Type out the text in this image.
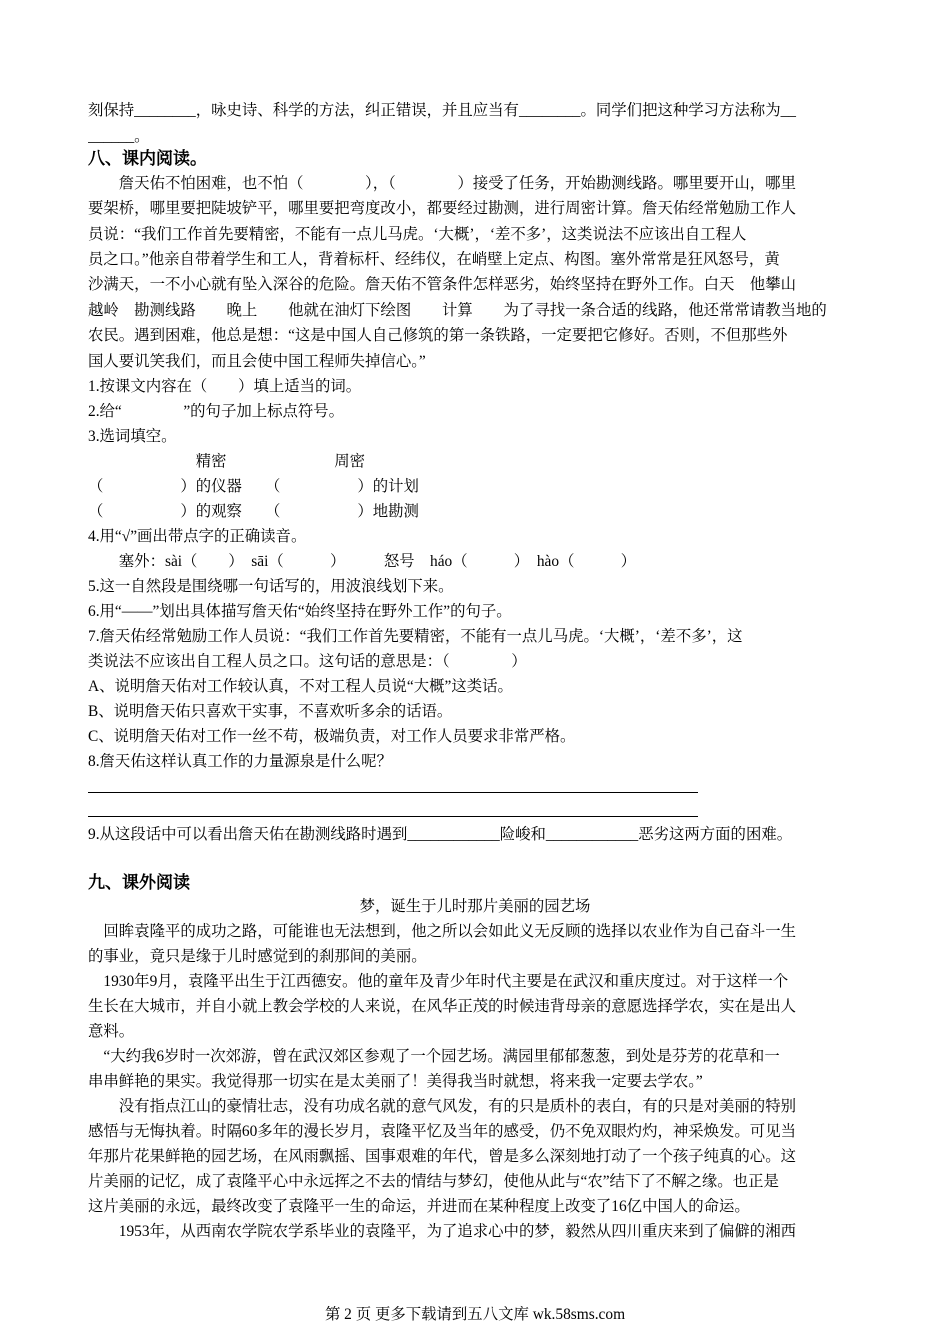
刻保持________，咏史诗、科学的方法，纠正错误，并且应当有________。同学们把这种学习方法称为__
______。
八、课内阅读。
　　詹天佑不怕困难，也不怕（　　　　），（　　　　）接受了任务，开始勘测线路。哪里要开山，哪里
要架桥，哪里要把陡坡铲平，哪里要把弯度改小，都要经过勘测，进行周密计算。詹天佑经常勉励工作人
员说：“我们工作首先要精密，不能有一点儿马虎。‘大概’，‘差不多’，这类说法不应该出自工程人
员之口。”他亲自带着学生和工人，背着标杆、经纬仪，在峭壁上定点、构图。塞外常常是狂风怒号，黄
沙满天，一不小心就有坠入深谷的危险。詹天佑不管条件怎样恶劣，始终坚持在野外工作。白天　他攀山
越岭　勘测线路　　晚上　　他就在油灯下绘图　　计算　　为了寻找一条合适的线路，他还常常请教当地的
农民。遇到困难，他总是想：“这是中国人自己修筑的第一条铁路，一定要把它修好。否则，不但那些外
国人要讥笑我们，而且会使中国工程师失掉信心。”
1.按课文内容在（　　）填上适当的词。
2.给“　　　　”的句子加上标点符号。
3.选词填空。
　　　　　　　精密　　　　　　　周密
（　　　　　）的仪器　　（　　　　　）的计划
（　　　　　）的观察　　（　　　　　）地勘测
4.用“√”画出带点字的正确读音。
　　塞外：sài（　　）　sāi（　　　）　　　怒号　háo（　　　）　hào（　　　）
5.这一自然段是围绕哪一句话写的，用波浪线划下来。
6.用“——”划出具体描写詹天佑“始终坚持在野外工作”的句子。
7.詹天佑经常勉励工作人员说：“我们工作首先要精密，不能有一点儿马虎。‘大概’，‘差不多’，这
类说法不应该出自工程人员之口。这句话的意思是：（　　　　）
A、说明詹天佑对工作较认真，不对工程人员说“大概”这类话。
B、说明詹天佑只喜欢干实事，不喜欢听多余的话语。
C、说明詹天佑对工作一丝不苟，极端负责，对工作人员要求非常严格。
8.詹天佑这样认真工作的力量源泉是什么呢？
9.从这段话中可以看出詹天佑在勘测线路时遇到____________险峻和____________恶劣这两方面的困难。
九、课外阅读
梦，诞生于儿时那片美丽的园艺场
　回眸袁隆平的成功之路，可能谁也无法想到，他之所以会如此义无反顾的选择以农业作为自己奋斗一生
的事业，竟只是缘于儿时感觉到的刹那间的美丽。
　1930年9月，袁隆平出生于江西德安。他的童年及青少年时代主要是在武汉和重庆度过。对于这样一个
生长在大城市，并自小就上教会学校的人来说，在风华正茂的时候违背母亲的意愿选择学农，实在是出人
意料。
　“大约我6岁时一次郊游，曾在武汉郊区参观了一个园艺场。满园里郁郁葱葱，到处是芬芳的花草和一
串串鲜艳的果实。我觉得那一切实在是太美丽了！美得我当时就想，将来我一定要去学农。”
　　没有指点江山的豪情壮志，没有功成名就的意气风发，有的只是质朴的表白，有的只是对美丽的特别
感悟与无悔执着。时隔60多年的漫长岁月，袁隆平忆及当年的感受，仍不免双眼灼灼，神采焕发。可见当
年那片花果鲜艳的园艺场，在风雨飘摇、国事艰难的年代，曾是多么深刻地打动了一个孩子纯真的心。这
片美丽的记忆，成了袁隆平心中永远挥之不去的情结与梦幻，使他从此与“农”结下了不解之缘。也正是
这片美丽的永远，最终改变了袁隆平一生的命运，并进而在某种程度上改变了16亿中国人的命运。
　　1953年，从西南农学院农学系毕业的袁隆平，为了追求心中的梦，毅然从四川重庆来到了偏僻的湘西
第 2 页 更多下载请到五八文库 wk.58sms.com
